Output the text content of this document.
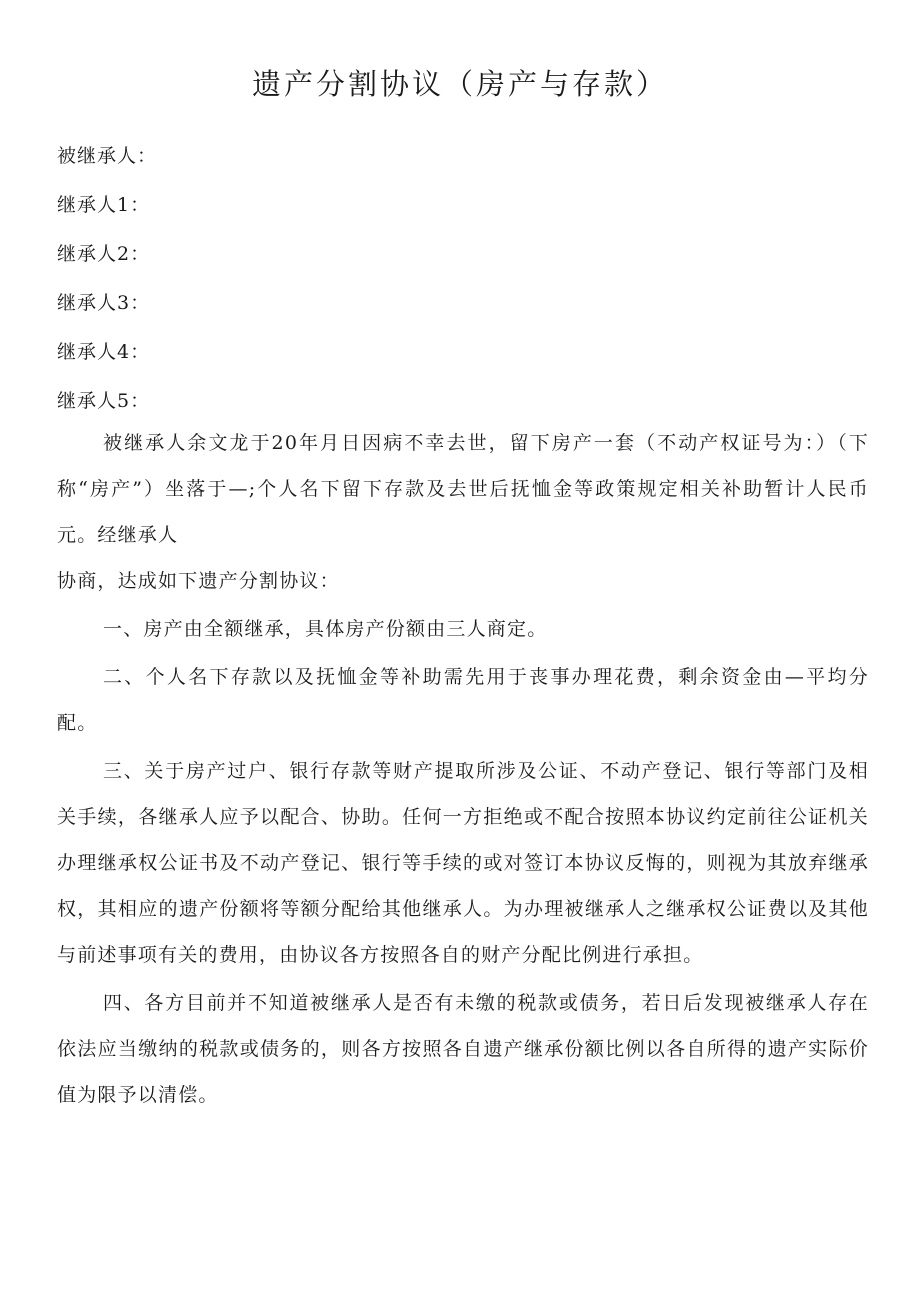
遗产分割协议（房产与存款）
被继承人：
继承人1：
继承人2：
继承人3：
继承人4：
继承人5：

被继承人余文龙于20年月日因病不幸去世，留下房产一套（不动产权证号为：）（下称“房产”）坐落于—;个人名下留下存款及去世后抚恤金等政策规定相关补助暂计人民币元。经继承人

协商，达成如下遗产分割协议：

一、房产由全额继承，具体房产份额由三人商定。

二、个人名下存款以及抚恤金等补助需先用于丧事办理花费，剩余资金由—平均分配。

三、关于房产过户、银行存款等财产提取所涉及公证、不动产登记、银行等部门及相关手续，各继承人应予以配合、协助。任何一方拒绝或不配合按照本协议约定前往公证机关办理继承权公证书及不动产登记、银行等手续的或对签订本协议反悔的，则视为其放弃继承权，其相应的遗产份额将等额分配给其他继承人。为办理被继承人之继承权公证费以及其他与前述事项有关的费用，由协议各方按照各自的财产分配比例进行承担。

四、各方目前并不知道被继承人是否有未缴的税款或债务，若日后发现被继承人存在依法应当缴纳的税款或债务的，则各方按照各自遗产继承份额比例以各自所得的遗产实际价值为限予以清偿。
